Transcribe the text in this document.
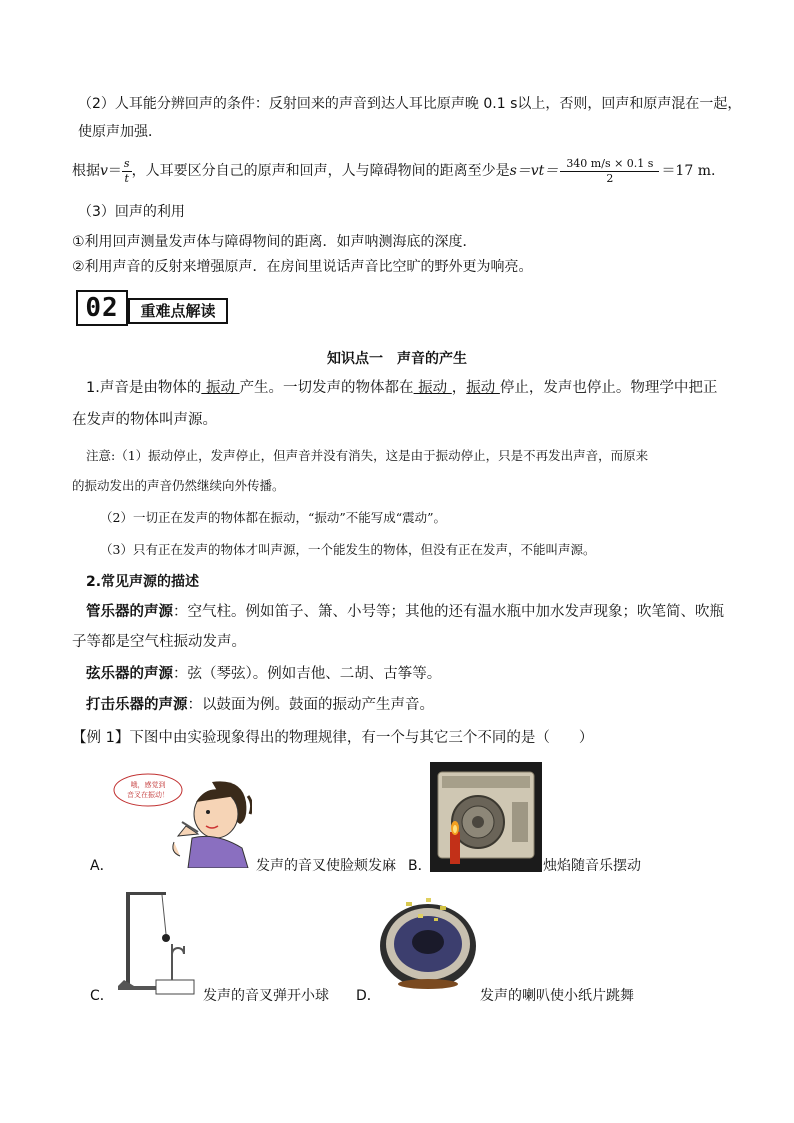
（2）人耳能分辨回声的条件：反射回来的声音到达人耳比原声晚 0.1 s以上，否则，回声和原声混在一起，
使原声加强．
根据 $v = \frac{s}{t}$ ，人耳要区分自己的原声和回声，人与障碍物间的距离至少是 $s=vt= \frac{340 m/s \times 0.1 s}{2} =17$ m.
（3）回声的利用
①利用回声测量发声体与障碍物间的距离．如声呐测海底的深度．
②利用声音的反射来增强原声．在房间里说话声音比空旷的野外更为响亮。
02	重难点解读
知识点一　声音的产生
1.声音是由物体的 振动 产生。一切发声的物体都在 振动 ，振动 停止，发声也停止。物理学中把正
在发声的物体叫声源。
注意:（1）振动停止，发声停止，但声音并没有消失，这是由于振动停止，只是不再发出声音，而原来
的振动发出的声音仍然继续向外传播。
（2）一切正在发声的物体都在振动，“振动”不能写成“震动”。
（3）只有正在发声的物体才叫声源，一个能发生的物体，但没有正在发声，不能叫声源。
2.常见声源的描述
管乐器的声源：空气柱。例如笛子、箫、小号等；其他的还有温水瓶中加水发声现象；吹笔简、吹瓶
子等都是空气柱振动发声。
弦乐器的声源：弦（琴弦）。例如吉他、二胡、古筝等。
打击乐器的声源：以鼓面为例。鼓面的振动产生声音。
【例 1】下图中由实验现象得出的物理规律，有一个与其它三个不同的是（　　）
哦，感觉到
音叉在振动！
A．	发声的音叉使脸颊发麻 B．	烛焰随音乐摆动
C．	发声的音叉弹开小球 D．	发声的喇叭使小纸片跳舞
